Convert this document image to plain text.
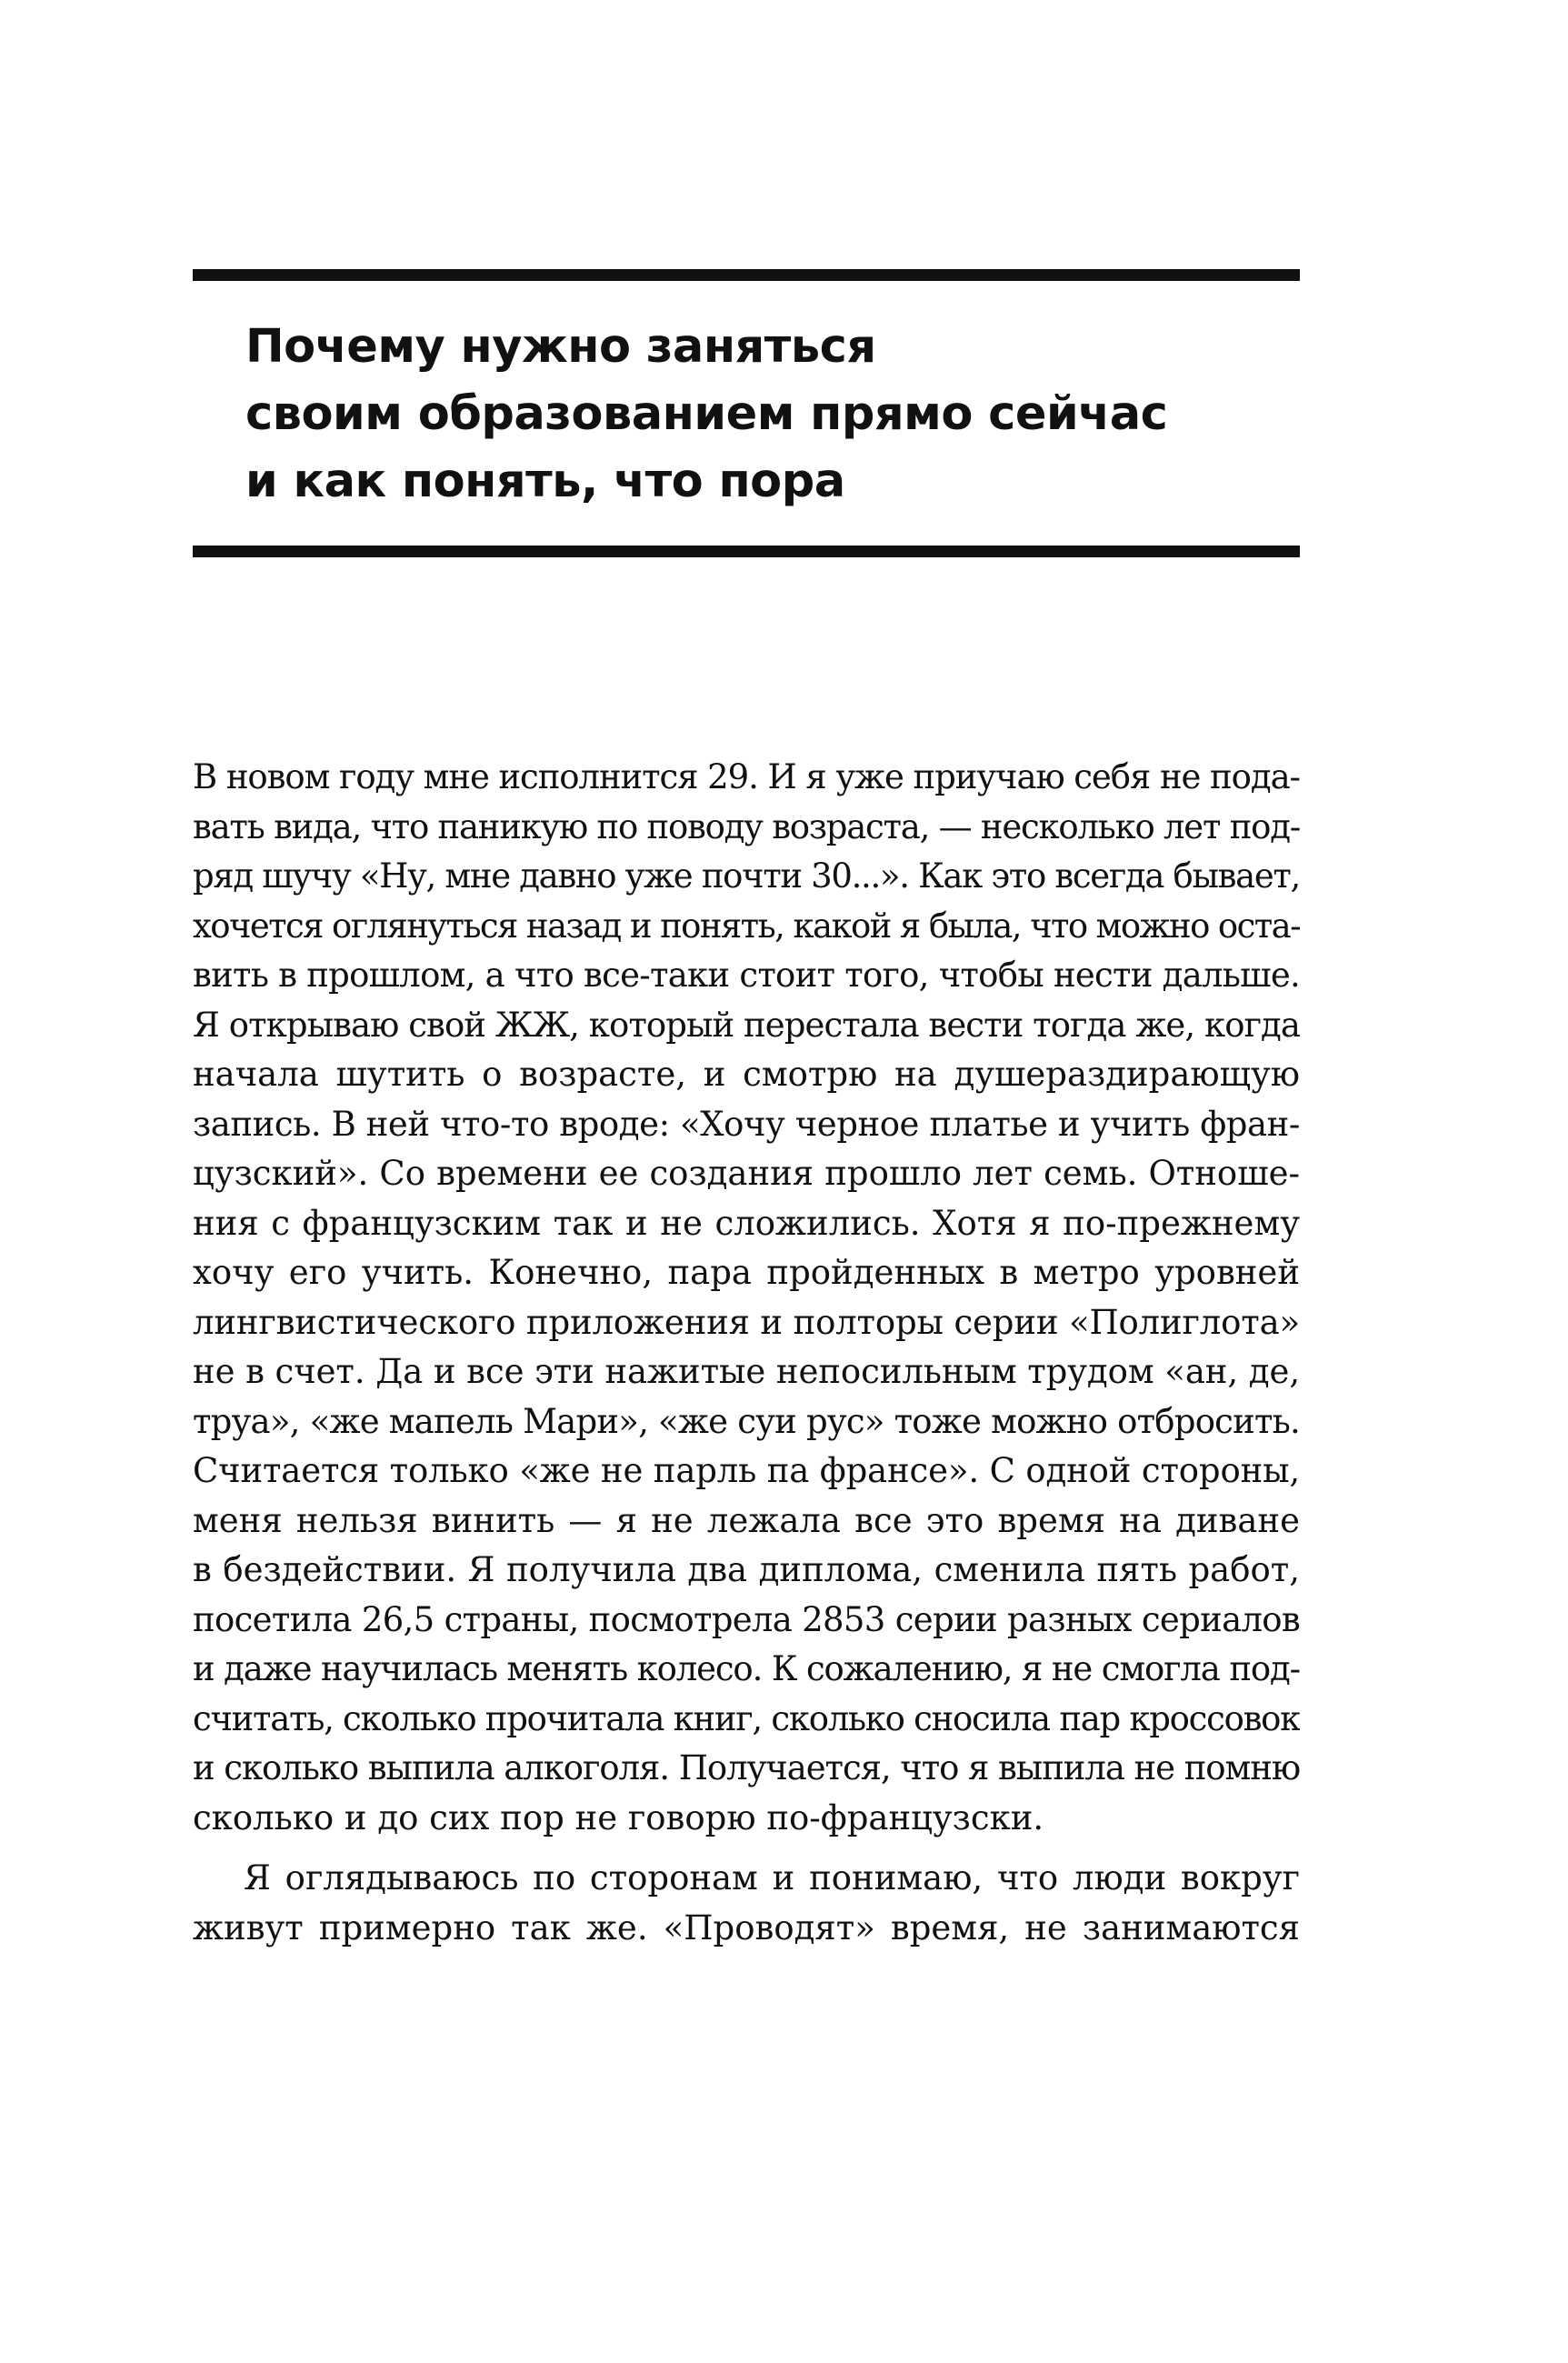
Почему нужно заняться
своим образованием прямо сейчас
и как понять, что пора
В новом году мне исполнится 29. И я уже приучаю себя не пода-
вать вида, что паникую по поводу возраста, — несколько лет под-
ряд шучу «Ну, мне давно уже почти 30...». Как это всегда бывает,
хочется оглянуться назад и понять, какой я была, что можно оста-
вить в прошлом, а что все-таки стоит того, чтобы нести дальше.
Я открываю свой ЖЖ, который перестала вести тогда же, когда
начала шутить о возрасте, и смотрю на душераздирающую
запись. В ней что-то вроде: «Хочу черное платье и учить фран-
цузский». Со времени ее создания прошло лет семь. Отноше-
ния с французским так и не сложились. Хотя я по-прежнему
хочу его учить. Конечно, пара пройденных в метро уровней
лингвистического приложения и полторы серии «Полиглота»
не в счет. Да и все эти нажитые непосильным трудом «ан, де,
труа», «же мапель Мари», «же суи рус» тоже можно отбросить.
Считается только «же не парль па франсе». С одной стороны,
меня нельзя винить — я не лежала все это время на диване
в бездействии. Я получила два диплома, сменила пять работ,
посетила 26,5 страны, посмотрела 2853 серии разных сериалов
и даже научилась менять колесо. К сожалению, я не смогла под-
считать, сколько прочитала книг, сколько сносила пар кроссовок
и сколько выпила алкоголя. Получается, что я выпила не помню
сколько и до сих пор не говорю по-французски.
Я оглядываюсь по сторонам и понимаю, что люди вокруг
живут примерно так же. «Проводят» время, не занимаются
